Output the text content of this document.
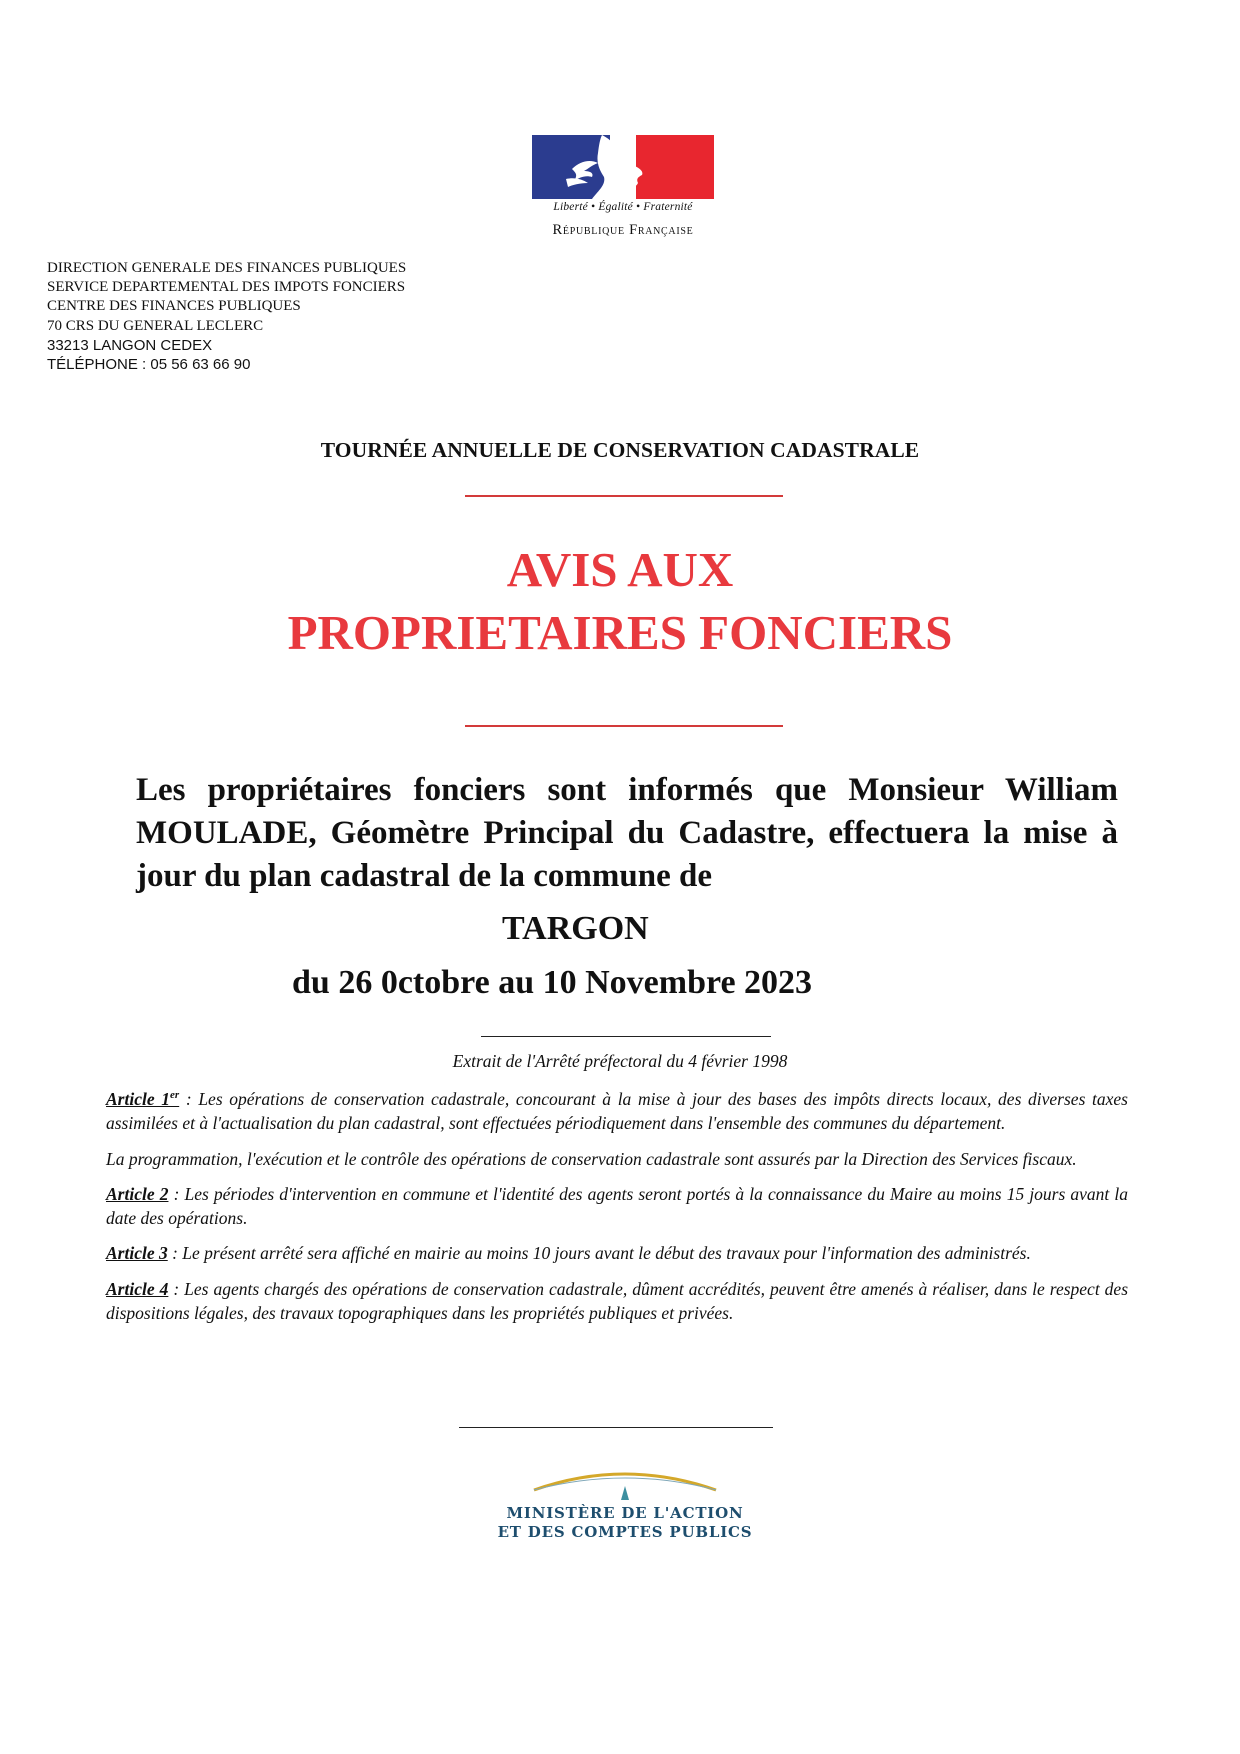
Liberté • Égalité • Fraternité
République Française
DIRECTION GENERALE DES FINANCES PUBLIQUES
SERVICE DEPARTEMENTAL DES IMPOTS FONCIERS
CENTRE DES FINANCES PUBLIQUES
70 CRS DU GENERAL LECLERC
33213 LANGON CEDEX
TÉLÉPHONE : 05 56 63 66 90
TOURNÉE ANNUELLE DE CONSERVATION CADASTRALE
AVIS AUX
PROPRIETAIRES FONCIERS
Les propriétaires fonciers sont informés que Monsieur William MOULADE, Géomètre Principal du Cadastre, effectuera la mise à jour du plan cadastral de la commune de
TARGON
du 26 0ctobre au 10 Novembre 2023
Extrait de l'Arrêté préfectoral du 4 février 1998

Article 1er : Les opérations de conservation cadastrale, concourant à la mise à jour des bases des impôts directs locaux, des diverses taxes assimilées et à l'actualisation du plan cadastral, sont effectuées périodiquement dans l'ensemble des communes du département.

La programmation, l'exécution et le contrôle des opérations de conservation cadastrale sont assurés par la Direction des Services fiscaux.

Article 2 : Les périodes d'intervention en commune et l'identité des agents seront portés à la connaissance du Maire au moins 15 jours avant la date des opérations.

Article 3 : Le présent arrêté sera affiché en mairie au moins 10 jours avant le début des travaux pour l'information des administrés.

Article 4 : Les agents chargés des opérations de conservation cadastrale, dûment accrédités, peuvent être amenés à réaliser, dans le respect des dispositions légales, des travaux topographiques dans les propriétés publiques et privées.

MINISTÈRE DE L'ACTION
ET DES COMPTES PUBLICS
